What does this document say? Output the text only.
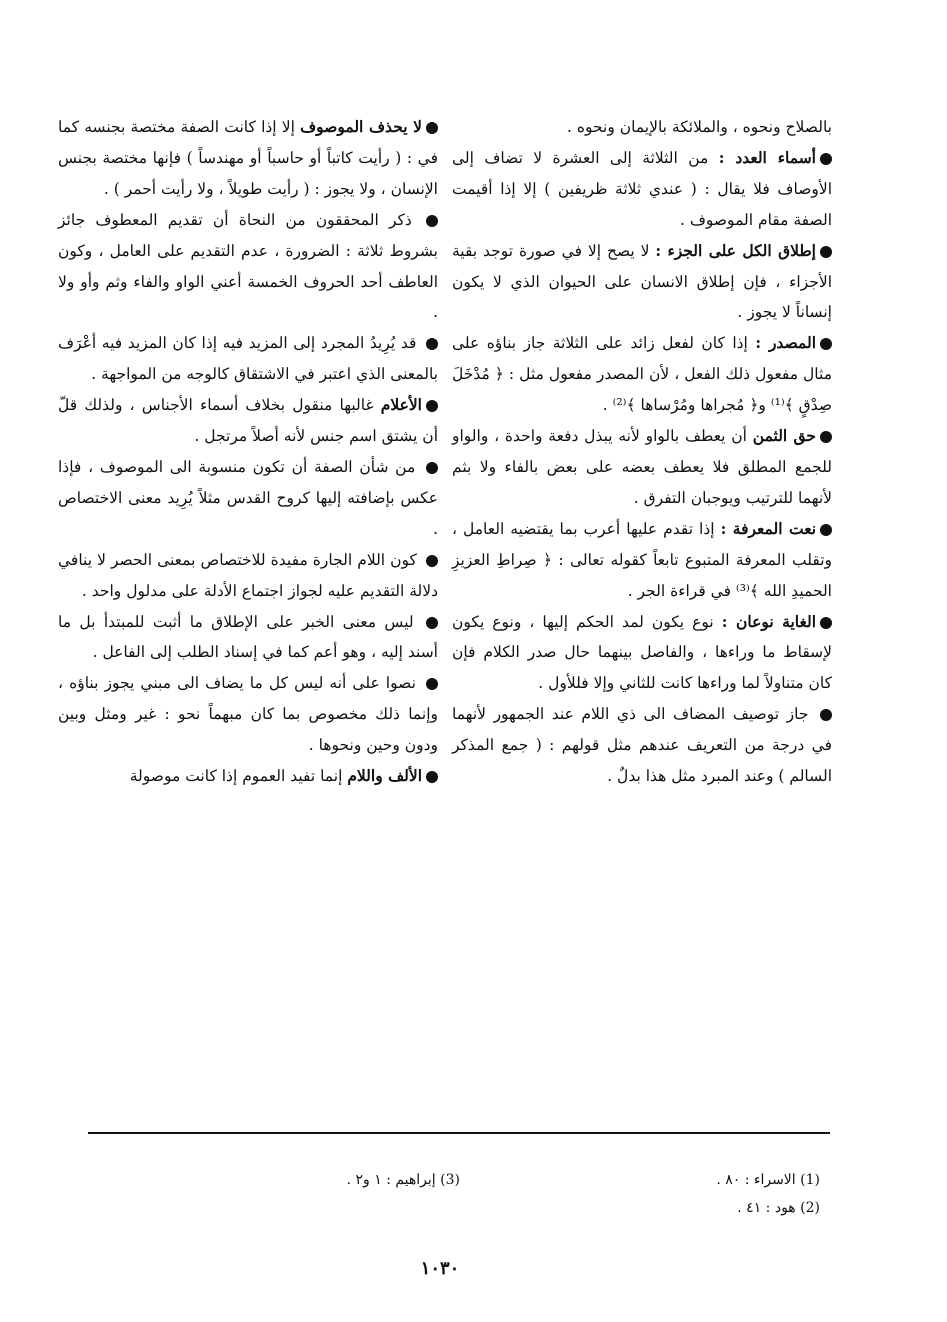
بالصلاح ونحوه ، والملائكة بالإيمان ونحوه .

أسماء العدد : من الثلاثة إلى العشرة لا تضاف إلى الأوصاف فلا يقال : ( عندي ثلاثة ظريفين ) إلا إذا أقيمت الصفة مقام الموصوف .

إطلاق الكل على الجزء : لا يصح إلا في صورة توجد بقية الأجزاء ، فإن إطلاق الانسان على الحيوان الذي لا يكون إنساناً لا يجوز .

المصدر : إذا كان لفعل زائد على الثلاثة جاز بناؤه على مثال مفعول ذلك الفعل ، لأن المصدر مفعول مثل : ﴿ مُدْخَلَ صِدْقٍ ﴾⁽¹⁾ و﴿ مُجراها ومُرْساها ﴾⁽²⁾ .

حق الثمن أن يعطف بالواو لأنه يبذل دفعة واحدة ، والواو للجمع المطلق فلا يعطف بعضه على بعض بالفاء ولا بثم لأنهما للترتيب ويوجبان التفرق .

نعت المعرفة : إذا تقدم عليها أعرب بما يقتضيه العامل ، وتقلب المعرفة المتبوع تابعاً كقوله تعالى : ﴿ صِراطِ العزيزِ الحميدِ الله ﴾⁽³⁾ في قراءة الجر .

الغاية نوعان : نوع يكون لمد الحكم إليها ، ونوع يكون لإسقاط ما وراءها ، والفاصل بينهما حال صدر الكلام فإن كان متناولاً لما وراءها كانت للثاني وإلا فللأول .

جاز توصيف المضاف الى ذي اللام عند الجمهور لأنهما في درجة من التعريف عندهم مثل قولهم : ( جمع المذكر السالم ) وعند المبرد مثل هذا بدلٌ .

لا يحذف الموصوف إلا إذا كانت الصفة مختصة بجنسه كما في : ( رأيت كاتباً أو حاسباً أو مهندساً ) فإنها مختصة بجنس الإنسان ، ولا يجوز : ( رأيت طويلاً ، ولا رأيت أحمر ) .

ذكر المحققون من النحاة أن تقديم المعطوف جائز بشروط ثلاثة : الضرورة ، عدم التقديم على العامل ، وكون العاطف أحد الحروف الخمسة أعني الواو والفاء وثم وأو ولا .

قد يُرِيدُ المجرد إلى المزيد فيه إذا كان المزيد فيه أعْرَف بالمعنى الذي اعتبر في الاشتقاق كالوجه من المواجهة .

الأعلام غالبها منقول بخلاف أسماء الأجناس ، ولذلك قلّ أن يشتق اسم جنس لأنه أصلاً مرتجل .

من شأن الصفة أن تكون منسوبة الى الموصوف ، فإذا عكس بإضافته إليها كروح القدس مثلاً يُرِيد معنى الاختصاص .

كون اللام الجارة مفيدة للاختصاص بمعنى الحصر لا ينافي دلالة التقديم عليه لجواز اجتماع الأدلة على مدلول واحد .

ليس معنى الخبر على الإطلاق ما أثبت للمبتدأ بل ما أسند إليه ، وهو أعم كما في إسناد الطلب إلى الفاعل .

نصوا على أنه ليس كل ما يضاف الى مبني يجوز بناؤه ، وإنما ذلك مخصوص بما كان مبهماً نحو : غير ومثل وبين ودون وحين ونحوها .

الألف واللام إنما تفيد العموم إذا كانت موصولة

(1) الاسراء : ٨٠ .
(2) هود : ٤١ .
(3) إبراهيم : ١ و٢ .
١٠٣٠
